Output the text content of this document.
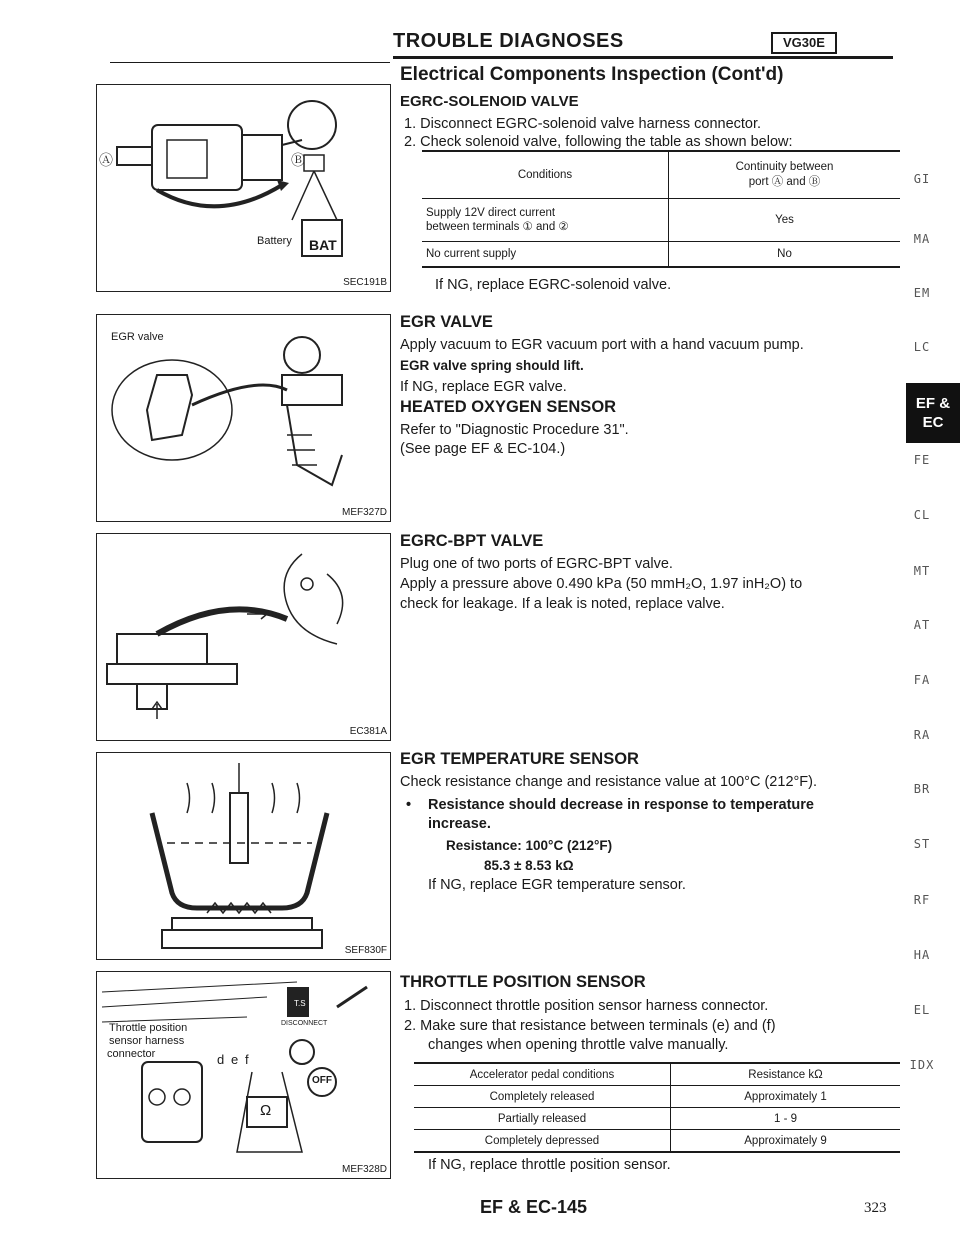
TROUBLE DIAGNOSES	VG30E
Electrical Components Inspection (Cont'd)
Ⓐ	Ⓑ
Battery BAT
SEC191B
EGR valve
MEF327D
EC381A
SEF830F
Throttle position
sensor harness
connector
DISCONNECT
T.S
OFF
Ω
d e f
MEF328D
EGRC-SOLENOID VALVE
1. Disconnect EGRC-solenoid valve harness connector.
2. Check solenoid valve, following the table as shown below:
Conditions	Continuity between
port Ⓐ and Ⓑ

Supply 12V direct current
between terminals ① and ②	Yes
No current supply	No
If NG, replace EGRC-solenoid valve.
EGR VALVE
Apply vacuum to EGR vacuum port with a hand vacuum pump.
EGR valve spring should lift.
If NG, replace EGR valve.
HEATED OXYGEN SENSOR
Refer to "Diagnostic Procedure 31".
(See page EF & EC-104.)
EGRC-BPT VALVE
Plug one of two ports of EGRC-BPT valve.
Apply a pressure above 0.490 kPa (50 mmH₂O, 1.97 inH₂O) to
check for leakage. If a leak is noted, replace valve.
EGR TEMPERATURE SENSOR
Check resistance change and resistance value at 100°C (212°F).
• Resistance should decrease in response to temperature
increase.
Resistance: 100°C (212°F)
85.3 ± 8.53 kΩ
If NG, replace EGR temperature sensor.
THROTTLE POSITION SENSOR
1. Disconnect throttle position sensor harness connector.
2. Make sure that resistance between terminals (e) and (f)
changes when opening throttle valve manually.
Accelerator pedal conditions	Resistance kΩ
Completely released	Approximately 1
Partially released	1 - 9
Completely depressed	Approximately 9
If NG, replace throttle position sensor.
GI
MA
EM
LC
EF &
EC
FE
CL
MT
AT
FA
RA
BR
ST
RF
HA
EL
IDX
EF & EC-145	323
